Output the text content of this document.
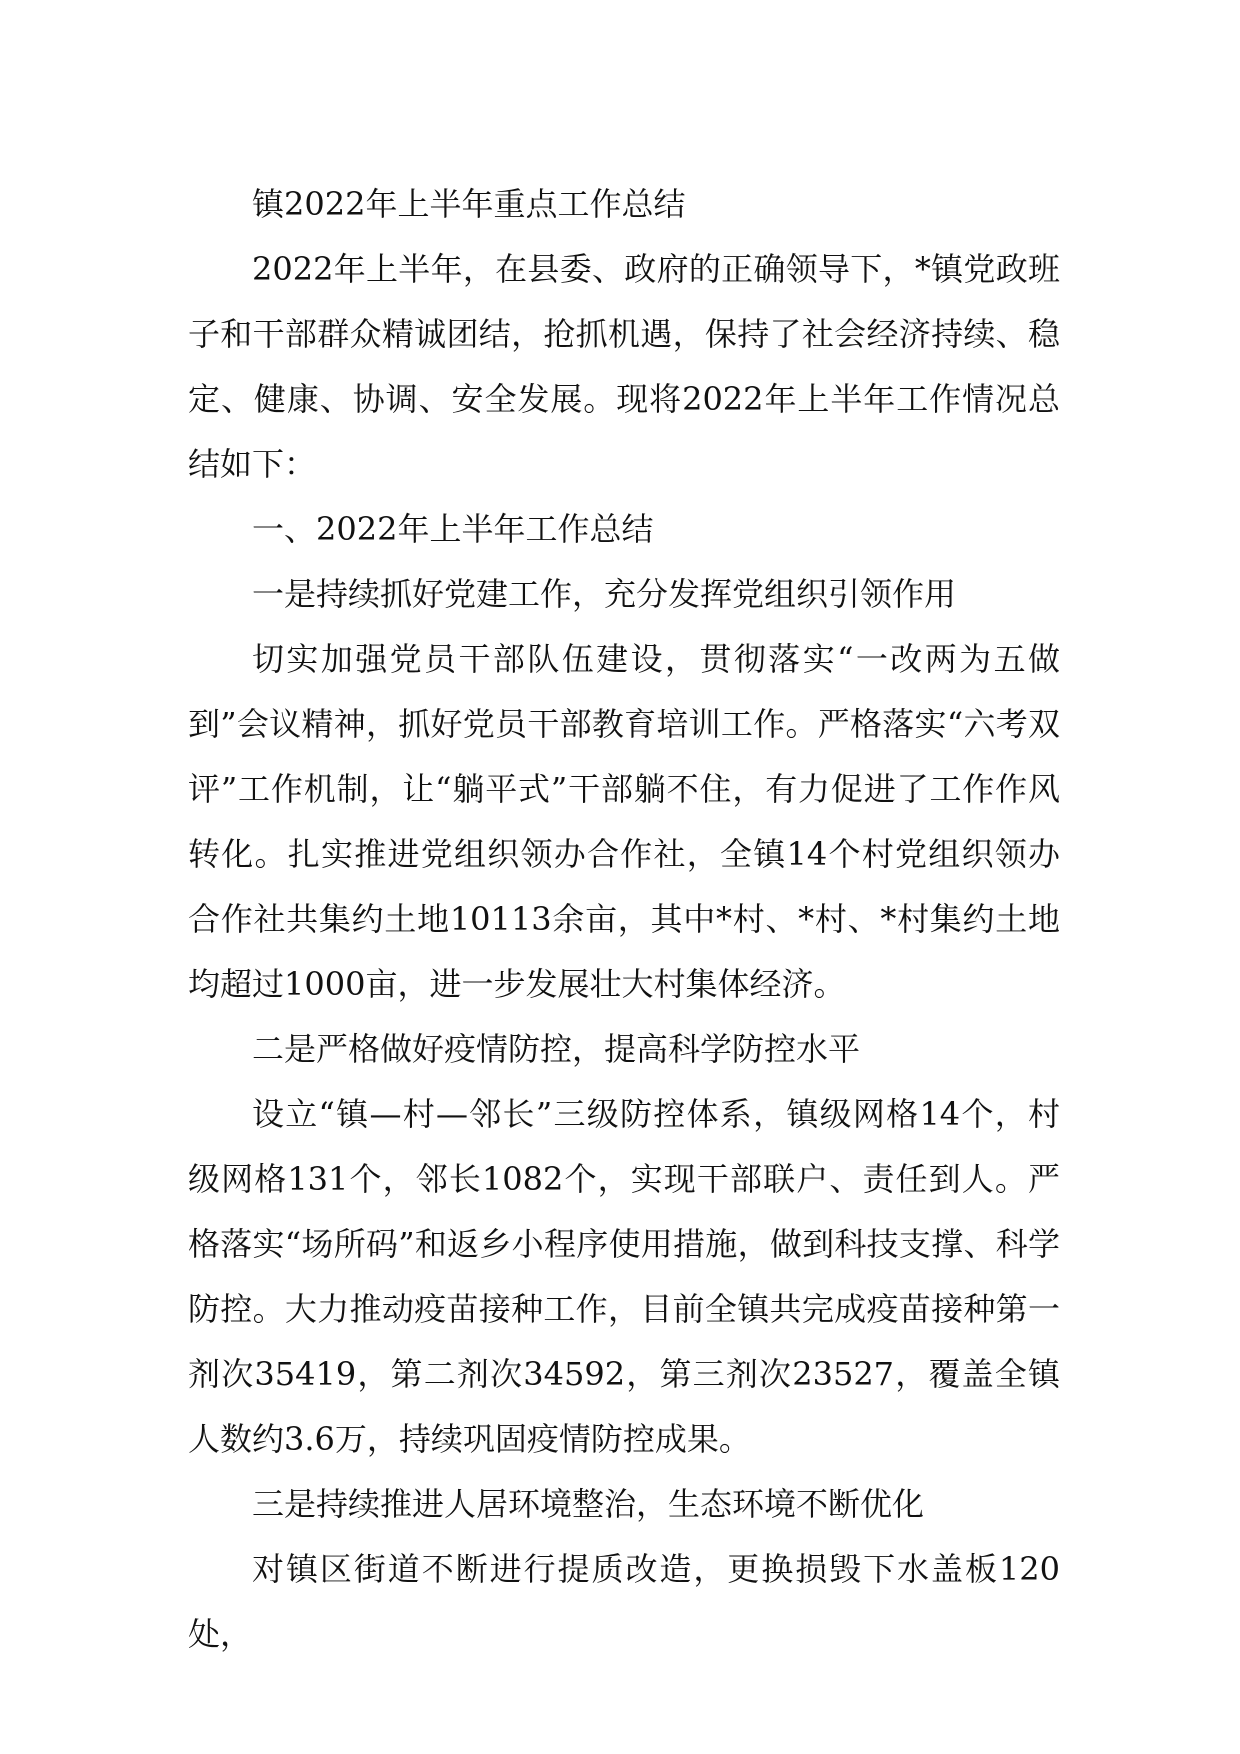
镇2022年上半年重点工作总结

2022年上半年，在县委、政府的正确领导下，*镇党政班子和干部群众精诚团结，抢抓机遇，保持了社会经济持续、稳定、健康、协调、安全发展。现将2022年上半年工作情况总结如下：

一、2022年上半年工作总结

一是持续抓好党建工作，充分发挥党组织引领作用

切实加强党员干部队伍建设，贯彻落实“一改两为五做到”会议精神，抓好党员干部教育培训工作。严格落实“六考双评”工作机制，让“躺平式”干部躺不住，有力促进了工作作风转化。扎实推进党组织领办合作社，全镇14个村党组织领办合作社共集约土地10113余亩，其中*村、*村、*村集约土地均超过1000亩，进一步发展壮大村集体经济。

二是严格做好疫情防控，提高科学防控水平

设立“镇—村—邻长”三级防控体系，镇级网格14个，村级网格131个，邻长1082个，实现干部联户、责任到人。严格落实“场所码”和返乡小程序使用措施，做到科技支撑、科学防控。大力推动疫苗接种工作，目前全镇共完成疫苗接种第一剂次35419，第二剂次34592，第三剂次23527，覆盖全镇人数约3.6万，持续巩固疫情防控成果。

三是持续推进人居环境整治，生态环境不断优化

对镇区街道不断进行提质改造，更换损毁下水盖板120处，
